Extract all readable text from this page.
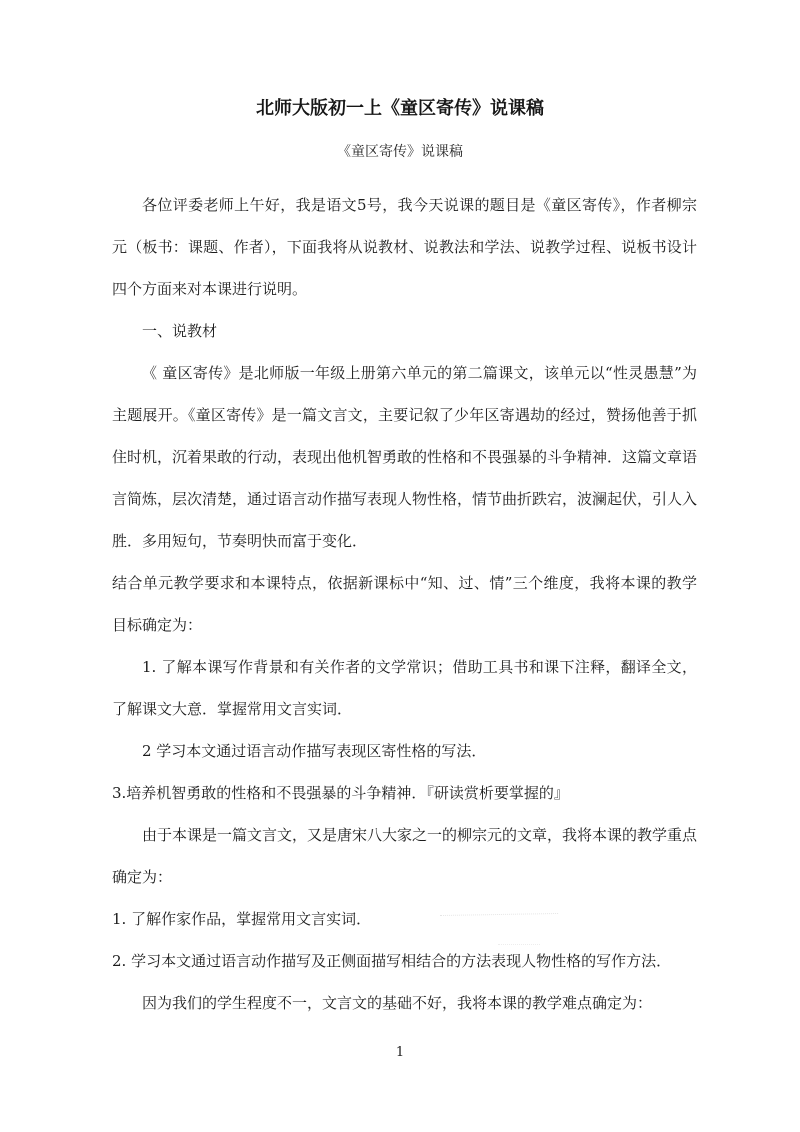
北师大版初一上《童区寄传》说课稿
《童区寄传》说课稿

各位评委老师上午好，我是语文5号，我今天说课的题目是《童区寄传》，作者柳宗元（板书：课题、作者），下面我将从说教材、说教法和学法、说教学过程、说板书设计四个方面来对本课进行说明。

一、说教材

《 童区寄传》是北师版一年级上册第六单元的第二篇课文，该单元以“性灵愚慧”为主题展开。《童区寄传》是一篇文言文，主要记叙了少年区寄遇劫的经过，赞扬他善于抓住时机，沉着果敢的行动，表现出他机智勇敢的性格和不畏强暴的斗争精神．这篇文章语言简炼，层次清楚，通过语言动作描写表现人物性格，情节曲折跌宕，波澜起伏，引人入胜．多用短句，节奏明快而富于变化．

结合单元教学要求和本课特点，依据新课标中“知、过、情”三个维度，我将本课的教学目标确定为：

1. 了解本课写作背景和有关作者的文学常识；借助工具书和课下注释，翻译全文，了解课文大意．掌握常用文言实词．

2 学习本文通过语言动作描写表现区寄性格的写法．

3.培养机智勇敢的性格和不畏强暴的斗争精神．『研读赏析要掌握的』

由于本课是一篇文言文，又是唐宋八大家之一的柳宗元的文章，我将本课的教学重点确定为：

1. 了解作家作品，掌握常用文言实词．

2. 学习本文通过语言动作描写及正侧面描写相结合的方法表现人物性格的写作方法．

因为我们的学生程度不一，文言文的基础不好，我将本课的教学难点确定为：

1
